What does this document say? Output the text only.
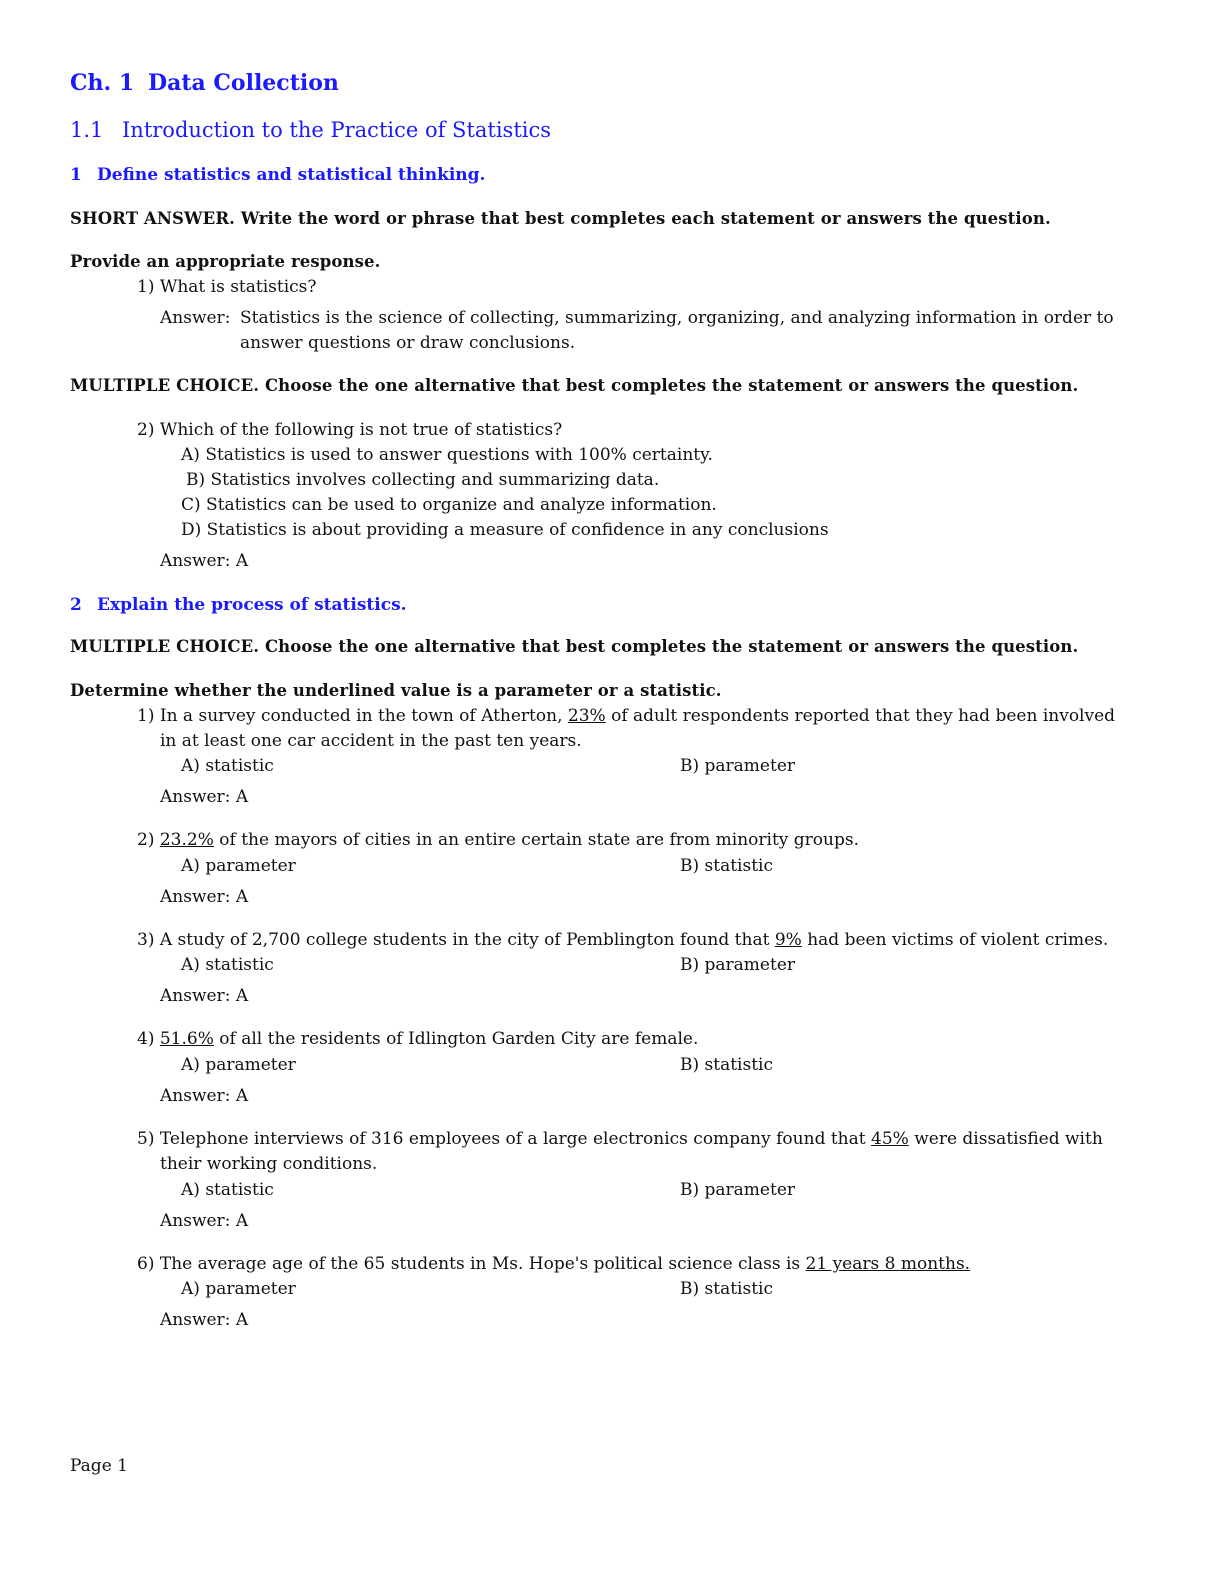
Ch. 1 Data Collection
1.1 Introduction to the Practice of Statistics
1 Define statistics and statistical thinking.
SHORT ANSWER. Write the word or phrase that best completes each statement or answers the question.
Provide an appropriate response.
1) What is statistics?
Answer: Statistics is the science of collecting, summarizing, organizing, and analyzing information in order to
answer questions or draw conclusions.
MULTIPLE CHOICE. Choose the one alternative that best completes the statement or answers the question.
2) Which of the following is not true of statistics?
A) Statistics is used to answer questions with 100% certainty.
B) Statistics involves collecting and summarizing data.
C) Statistics can be used to organize and analyze information.
D) Statistics is about providing a measure of confidence in any conclusions
Answer: A
2 Explain the process of statistics.
MULTIPLE CHOICE. Choose the one alternative that best completes the statement or answers the question.
Determine whether the underlined value is a parameter or a statistic.
1) In a survey conducted in the town of Atherton, 23% of adult respondents reported that they had been involved
in at least one car accident in the past ten years.
A) statistic	B) parameter
Answer: A
2) 23.2% of the mayors of cities in an entire certain state are from minority groups.
A) parameter	B) statistic
Answer: A
3) A study of 2,700 college students in the city of Pemblington found that 9% had been victims of violent crimes.
A) statistic	B) parameter
Answer: A
4) 51.6% of all the residents of Idlington Garden City are female.
A) parameter	B) statistic
Answer: A
5) Telephone interviews of 316 employees of a large electronics company found that 45% were dissatisfied with
their working conditions.
A) statistic	B) parameter
Answer: A
6) The average age of the 65 students in Ms. Hope's political science class is 21 years 8 months.
A) parameter	B) statistic
Answer: A
Page 1
